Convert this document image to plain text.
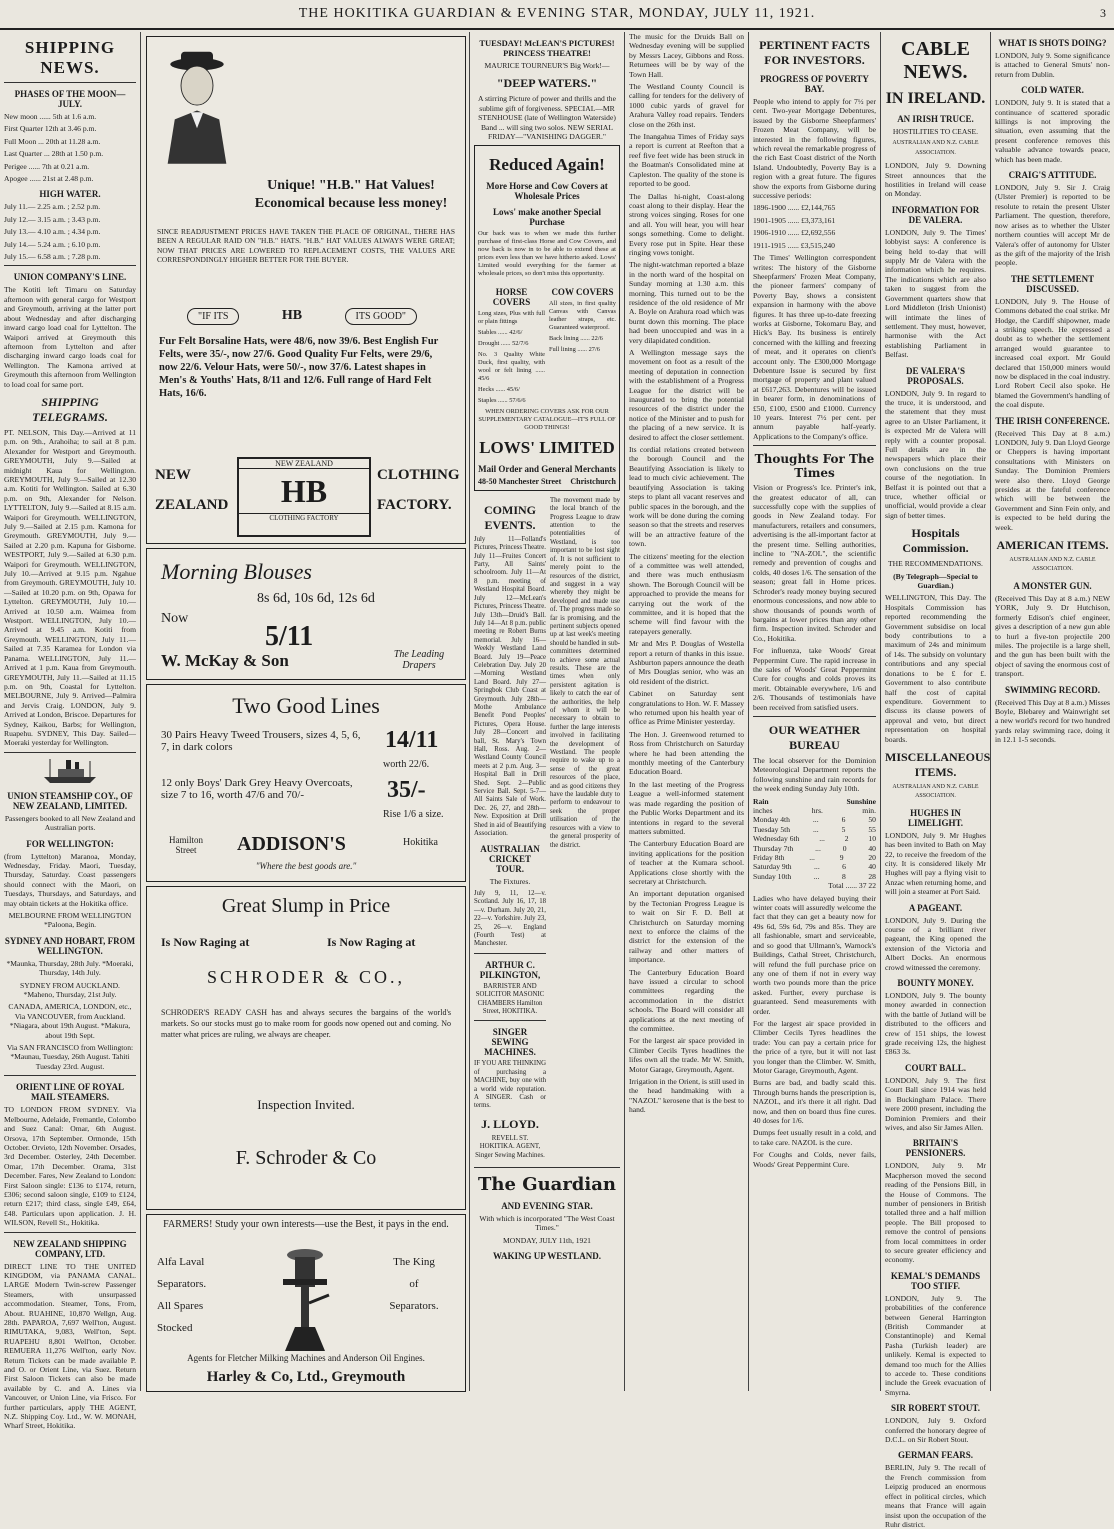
3
THE HOKITIKA GUARDIAN & EVENING STAR, MONDAY, JULY 11, 1921.
SHIPPING NEWS.
PHASES OF THE MOON—JULY.
New moon ...... 5th at 1.6 a.m.
First Quarter 12th at 3.46 p.m.
Full Moon ... 20th at 11.28 a.m.
Last Quarter ... 28th at 1.50 p.m.
Perigee ...... 7th at 0.21 a.m.
Apogee ...... 21st at 2.48 p.m.
HIGH WATER.
July 11.— 2.25 a.m. ; 2.52 p.m.
July 12.— 3.15 a.m. ; 3.43 p.m.
July 13.— 4.10 a.m. ; 4.34 p.m.
July 14.— 5.24 a.m. ; 6.10 p.m.
July 15.— 6.58 a.m. ; 7.28 p.m.
UNION COMPANY'S LINE.

The Kotiti left Timaru on Saturday afternoon with general cargo for Westport and Greymouth, arriving at the latter port about Wednesday and after discharging inward cargo load coal for Lyttelton. The Waipori arrived at Greymouth this afternoon from Lyttelton and after discharging inward cargo loads coal for Wellington. The Kamona arrived at Greymouth this afternoon from Wellington to load coal for same port.

SHIPPING TELEGRAMS.

PT. NELSON, This Day.—Arrived at 11 p.m. on 9th., Arahoiha; to sail at 8 p.m. Alexander for Westport and Greymouth. GREYMOUTH, July 9.—Sailed at midnight Kaua for Wellington. GREYMOUTH, July 9.—Sailed at 12.30 a.m. Kotiti for Wellington. Sailed at 6.30 p.m. on 9th, Alexander for Nelson. LYTTELTON, July 9.—Sailed at 8.15 a.m. Waipori for Greymouth. WELLINGTON, July 9.—Sailed at 2.15 p.m. Kamona for Greymouth. GREYMOUTH, July 9.—Sailed at 2.20 p.m. Kapuna for Gisborne. WESTPORT, July 9.—Sailed at 6.30 p.m. Waipori for Greymouth. WELLINGTON, July 10.—Arrived at 9.15 p.m. Ngahue from Greymouth. GREYMOUTH, July 10.—Sailed at 10.20 p.m. on 9th, Opawa for Lyttelton. GREYMOUTH, July 10.—Arrived at 10.50 a.m. Waimea from Westport. WELLINGTON, July 10.—Arrived at 9.45 a.m. Kotiti from Greymouth. WELLINGTON, July 11.—Sailed at 7.35 Karamea for London via Panama. WELLINGTON, July 11.—Arrived at 1 p.m. Kaua from Greymouth. GREYMOUTH, July 11.—Sailed at 11.15 p.m. on 9th, Coastal for Lyttelton. MELBOURNE, July 9. Arrived—Palmira and Jervis Craig. LONDON, July 9. Arrived at London, Briscoe. Departures for Sydney, Kaikou, Barbs; for Wellington, Ruapehu. SYDNEY, This Day. Sailed—Moeraki yesterday for Wellington.

UNION STEAMSHIP COY., OF NEW ZEALAND, LIMITED.

Passengers booked to all New Zealand and Australian ports.

FOR WELLINGTON:

(from Lyttelton) Maranoa, Monday, Wednesday, Friday. Maori, Tuesday, Thursday, Saturday. Coast passengers should connect with the Maori, on Tuesdays, Thursdays, and Saturdays, and may obtain tickets at the Hokitika office.

MELBOURNE FROM WELLINGTON *Paloona, Begin.

SYDNEY AND HOBART, FROM WELLINGTON.

*Maunka, Thursday, 28th July. *Moeraki, Thursday, 14th July.

SYDNEY FROM AUCKLAND. *Maheno, Thursday, 21st July.

CANADA, AMERICA, LONDON, etc., Via VANCOUVER, from Auckland. *Niagara, about 19th August. *Makura, about 19th Sept.

Via SAN FRANCISCO from Wellington: *Maunau, Tuesday, 26th August. Tahiti Tuesday 23rd. August.

ORIENT LINE OF ROYAL MAIL STEAMERS.

TO LONDON FROM SYDNEY. Via Melbourne, Adelaide, Fremantle, Colombo and Suez Canal: Omar, 6th August. Orsova, 17th September. Ormonde, 15th October. Orvieto, 12th November. Orsades, 3rd December. Osterley, 24th December. Omar, 17th December. Orama, 31st December. Fares, New Zealand to London: First Saloon single: £136 to £174, return, £306; second saloon single, £109 to £124, return £217; third class, single £49, £64, £48. Particulars upon application. J. H. WILSON, Revell St., Hokitika.

NEW ZEALAND SHIPPING COMPANY, LTD.

DIRECT LINE TO THE UNITED KINGDOM, via PANAMA CANAL. LARGE Modern Twin-screw Passenger Steamers, with unsurpassed accommodation. Steamer, Tons, From, About. RUAHINE, 10,870 Wellgn, Aug. 28th. PAPAROA, 7,697 Well'ton, August. RIMUTAKA, 9,083, Well'ton, Sept. RUAPEHU 8,801 Well'ton, October. REMUERA 11,276 Well'ton, early Nov. Return Tickets can be made available P. and O. or Orient Line, via Suez. Return First Saloon Tickets can also be made available by C. and A. Lines via Vancouver, or Union Line, via Frisco. For further particulars, apply THE AGENT, N.Z. Shipping Coy. Ltd., W. W. MONAH, Wharf Street, Hokitika.

Unique! "H.B." Hat Values! Economical because less money!
SINCE READJUSTMENT PRICES HAVE TAKEN THE PLACE OF ORIGINAL, THERE HAS BEEN A REGULAR RAID ON "H.B." HATS. "H.B." HAT VALUES ALWAYS WERE GREAT; NOW THAT PRICES ARE LOWERED TO REPLACEMENT COSTS, THE VALUES ARE CORRESPONDINGLY HIGHER BETTER FOR THE BUYER.
"IF ITS	HB	ITS GOOD"
Fur Felt Borsaline Hats, were 48/6, now 39/6. Best English Fur Felts, were 35/-, now 27/6. Good Quality Fur Felts, were 29/6, now 22/6. Velour Hats, were 50/-, now 37/6. Latest shapes in Men's & Youths' Hats, 8/11 and 12/6. Full range of Hard Felt Hats, 16/6.
NEW
ZEALAND
NEW ZEALAND
HB
CLOTHING FACTORY
CLOTHING
FACTORY.
Morning Blouses
8s 6d, 10s 6d, 12s 6d
Now
5/11
W. McKay & Son	The Leading Drapers
Two Good Lines
30 Pairs Heavy Tweed Trousers, sizes 4, 5, 6, 7, in dark colors	14/11
worth 22/6.
12 only Boys' Dark Grey Heavy Overcoats, size 7 to 16, worth 47/6 and 70/-	35/-
Rise 1/6 a size.
Hamilton Street	ADDISON'S	Hokitika
"Where the best goods are."
Great Slump in Price
Is Now Raging at	Is Now Raging at
SCHRODER & CO.,
SCHRODER'S READY CASH has and always secures the bargains of the world's markets. So our stocks must go to make room for goods now opened out and coming. No matter what prices are ruling, we always are cheaper.
Inspection Invited.
F. Schroder & Co
FARMERS! Study your own interests—use the Best, it pays in the end.
Alfa Laval
Separators.
All Spares
Stocked
The King
of
Separators.
Agents for Fletcher Milking Machines and Anderson Oil Engines.
Harley & Co, Ltd., Greymouth
TUESDAY! McLEAN'S PICTURES! PRINCESS THEATRE!
MAURICE TOURNEUR'S Big Work!—
"DEEP WATERS."

A stirring Picture of power and thrills and the sublime gift of forgiveness. SPECIAL—MR STENHOUSE (late of Wellington Waterside) Band ... will sing two solos. NEW SERIAL FRIDAY—"VANISHING DAGGER."

Reduced Again!
More Horse and Cow Covers at Wholesale Prices
Lows' make another Special Purchase

Our back was to when we made this further purchase of first-class Horse and Cow Covers, and now back is now in to be able to extend these at prices even less than we have hitherto asked. Lows' Limited would everything for the farmer at wholesale prices, so don't miss this opportunity.

HORSE COVERS
Long sizes, Plus with full or plain fittings
Stables ...... 42/6/
Drought ...... 52/7/6
No. 3 Quality White Duck, first quality, with wool or felt lining ...... 45/6
Hecks ...... 45/6/
Staples ...... 57/6/6
COW COVERS
All sizes, in first quality Canvas with Canvas leather straps, etc. Guaranteed waterproof.
Back lining ...... 22/6
Full lining ...... 27/6
WHEN ORDERING COVERS ASK FOR OUR SUPPLEMENTARY CATALOGUE—IT'S FULL OF GOOD THINGS!
LOWS' LIMITED
Mail Order and General Merchants
48-50 Manchester Street Christchurch
COMING EVENTS.

July 11—Folland's Pictures, Princess Theatre. July 11—Fruites Concert Party, All Saints' schoolroom. July 11—At 8 p.m. meeting of Westland Hospital Board. July 12—McLean's Pictures, Princess Theatre. July 13th—Druid's Ball. July 14—At 8 p.m. public meeting re Robert Burns memorial. July 16—Weekly Westland Land Board. July 19—Peace Celebration Day. July 20—Morning Westland Land Board. July 27—Springbok Club Coast at Greymouth. July 28th—Mothe Ambulance Benefit Pond Peoples' Pictures, Opera House. July 28—Concert and ball, St. Mary's Town Hall, Ross. Aug. 2—Westland County Council meets at 2 p.m. Aug. 3—Hospital Ball in Drill Shed. Sept. 2—Public Service Ball. Sept. 5-7—All Saints Sale of Work. Dec. 26, 27, and 28th—New. Exposition at Drill Shed in aid of Beautifying Association.

AUSTRALIAN CRICKET TOUR.
The Fixtures.

July 9, 11, 12—v. Scotland. July 16, 17, 18—v. Durham. July 20, 21, 22—v. Yorkshire. July 23, 25, 26—v. England (Fourth Test) at Manchester.

ARTHUR C. PILKINGTON,

BARRISTER AND SOLICITOR MASONIC CHAMBERS Hamilton Street, HOKITIKA.

SINGER SEWING MACHINES.

IF YOU ARE THINKING of purchasing a MACHINE, buy one with a world wide reputation. A SINGER. Cash or terms.

J. LLOYD.

REVELL ST. HOKITIKA. AGENT, Singer Sewing Machines.

The movement made by the local branch of the Progress League to draw attention to the potentialities of Westland, is too important to be lost sight of. It is not sufficient to merely point to the resources of the district, and suggest in a way whereby they might be developed and made use of. The progress made so far is promising, and the pertinent subjects opened up at last week's meeting should be handled in sub-committees determined to achieve some actual results. These are the times when only persistent agitation is likely to catch the ear of the authorities, the help of whom it will be necessary to obtain to further the large interests involved in facilitating the development of Westland. The people require to wake up to a sense of the great resources of the place, and as good citizens they have the laudable duty to perform to endeavour to seek the proper utilisation of the resources with a view to the general prosperity of the district.

The Guardian
AND EVENING STAR.
With which is incorporated "The West Coast Times."
MONDAY, JULY 11th, 1921
WAKING UP WESTLAND.

The music for the Druids Ball on Wednesday evening will be supplied by Messrs Lacey, Gibbons and Ross. Returnees will be by way of the Town Hall.

The Westland County Council is calling for tenders for the delivery of 1000 cubic yards of gravel for Arahura Valley road repairs. Tenders close on the 26th inst.

The Inangahua Times of Friday says a report is current at Reefton that a reef five feet wide has been struck in the Boatman's Consolidated mine at Capleston. The quality of the stone is reported to be good.

The Dallas hi-night, Coast-along coast along to their display. Hear the strong voices singing. Roses for one and all. You will hear, you will hear songs something. Come to delight. Every rose put in Spite. Hear these ringing vows tonight.

The night-watchman reported a blaze in the north ward of the hospital on Sunday morning at 1.30 a.m. this morning. This turned out to be the residence of the old residence of Mr A. Boyle on Arahura road which was burnt down this morning. The place had been unoccupied and was in a very dilapidated condition.

A Wellington message says the movement on foot as a result of the meeting of deputation in connection with the establishment of a Progress League for the district will be inaugurated to bring the potential resources of the district under the notice of the Minister and to push for the placing of a new service. It is desired to affect the closer settlement.

Its cordial relations created between the borough Council and the Beautifying Association is likely to lead to much civic achievement. The beautifying Association is taking steps to plant all vacant reserves and public spaces in the borough, and the work will be done during the coming season so that the streets and reserves will be an attractive feature of the town.

The citizens' meeting for the election of a committee was well attended, and there was much enthusiasm shown. The Borough Council will be approached to provide the means for carrying out the work of the committee, and it is hoped that the scheme will find favour with the ratepayers generally.

Mr and Mrs P. Douglas of Westella report a return of thanks in this issue. Ashburton papers announce the death of Mrs Douglas senior, who was an old resident of the district.

Cabinet on Saturday sent congratulations to Hon. W. F. Massey who returned upon his health year of office as Prime Minister yesterday.

The Hon. J. Greenwood returned to Ross from Christchurch on Saturday where he had been attending the monthly meeting of the Canterbury Education Board.

In the last meeting of the Progress League a well-informed statement was made regarding the position of the Public Works Department and its intentions in regard to the several matters submitted.

The Canterbury Education Board are inviting applications for the position of teacher at the Kumara school. Applications close shortly with the secretary at Christchurch.

An important deputation organised by the Tectonian Progress League is to wait on Sir F. D. Bell at Christchurch on Saturday morning next to enforce the claims of the district for the extension of the railway and other matters of importance.

The Canterbury Education Board have issued a circular to school committees regarding the accommodation in the district schools. The Board will consider all applications at the next meeting of the committee.

For the largest air space provided in Climber Cecils Tyres headlines the lifes own all the trade. Mr W. Smith, Motor Garage, Greymouth, Agent.

Irrigation in the Orient, is still used in the head handmaking with a "NAZOL" kerosene that is the best to hand.

PERTINENT FACTS FOR INVESTORS.
PROGRESS OF POVERTY BAY.

People who intend to apply for 7½ per cent. Two-year Mortgage Debentures, issued by the Gisborne Sheepfarmers' Frozen Meat Company, will be interested in the following figures, which reveal the remarkable progress of the rich East Coast district of the North Island. Undoubtedly, Poverty Bay is a region with a great future. The figures show the exports from Gisborne during successive periods:

1896-1900 ...... £2,144,765
1901-1905 ...... £3,373,161
1906-1910 ...... £2,692,556
1911-1915 ...... £3,515,240

The Times' Wellington correspondent writes: The history of the Gisborne Sheepfarmers' Frozen Meat Company, the pioneer farmers' company of Poverty Bay, shows a consistent expansion in harmony with the above figures. It has three up-to-date freezing works at Gisborne, Tokomaru Bay, and Hick's Bay. Its business is entirely concerned with the killing and freezing of meat, and it operates on client's account only. The £300,000 Mortgage Debenture Issue is secured by first mortgage of property and plant valued at £617,263. Debentures will be issued in bearer form, in denominations of £50, £100, £500 and £1000. Currency 10 years. Interest 7½ per cent. per annum payable half-yearly. Applications to the Company's office.

Thoughts For The Times

Vision or Progress's Ice. Printer's ink, the greatest educator of all, can successfully cope with the supplies of goods in New Zealand today. For manufacturers, retailers and consumers, advertising is the all-important factor at the present time. Selling authorities, incline to "NA-ZOL", the scientific remedy and prevention of coughs and colds, 40 doses 1/6. The sensation of the season; great fall in Home prices. Schroder's ready money buying secured enormous concessions, and now able to show thousands of pounds worth of bargains at lower prices than any other firm. Inspection invited. Schroder and Co., Hokitika.

For influenza, take Woods' Great Peppermint Cure. The rapid increase in the sales of Woods' Great Peppermint Cure for coughs and colds proves its merit. Obtainable everywhere, 1/6 and 2/6. Thousands of testimonials have been received from satisfied users.

OUR WEATHER BUREAU

The local observer for the Dominion Meteorological Department reports the following sunshine and rain records for the week ending Sunday July 10th.

Rain	Sunshine
inches	hrs.	min.
Monday 4th	...	6	50
Tuesday 5th	...	5	55
Wednesday 6th	...	2	10
Thursday 7th	...	0	40
Friday 8th	...	9	20
Saturday 9th	...	6	40
Sunday 10th	...	8	28
Total ...... 37 22

Ladies who have delayed buying their winter coats will assuredly welcome the fact that they can get a beauty now for 49s 6d, 59s 6d, 79s and 85s. They are all fashionable, smart and serviceable, and so good that Ullmann's, Warnock's Buildings, Cathal Street, Christchurch, will refund the full purchase price on any one of them if not in every way worth two pounds more than the price asked. Further, every purchase is guaranteed. Send measurements with order.

For the largest air space provided in Climber Cecils Tyres headlines the trade: You can pay a certain price for the price of a tyre, but it will not last you longer than the Climber. W. Smith, Motor Garage, Greymouth, Agent.

Burns are bad, and badly scald this. Through burns hands the prescription is, NAZOL, and it's there it all right. Dad now, and then on board thus fine cures. 40 doses for 1/6.

Dumps feet usually result in a cold, and to take care. NAZOL is the cure.

For Coughs and Colds, never fails, Woods' Great Peppermint Cure.

CABLE NEWS.
IN IRELAND.
AN IRISH TRUCE.
HOSTILITIES TO CEASE.
AUSTRALIAN AND N.Z. CABLE ASSOCIATION.

LONDON, July 9. Downing Street announces that the hostilities in Ireland will cease on Monday.

INFORMATION FOR DE VALERA.

LONDON, July 9. The Times' lobbyist says: A conference is being held to-day that will supply Mr de Valera with the information which he requires. The indications which are also taken to suggest from the Government quarters show that Lord Middleton (Irish Unionist) will intimate the lines of settlement. They must, however, harmonise with the Act establishing Parliament in Belfast.

DE VALERA'S PROPOSALS.

LONDON, July 9. In regard to the truce, it is understood, and the statement that they must agree to an Ulster Parliament, it is expected Mr de Valera will reply with a counter proposal. Full details are in the newspapers which place their own conclusions on the true course of the negotiation. In Belfast it is pointed out that a truce, whether official or unofficial, would provide a clear sign of better times.

Hospitals Commission.
THE RECOMMENDATIONS.
(By Telegraph—Special to Guardian.)

WELLINGTON, This Day. The Hospitals Commission has reported recommending the Government subsidise on local body contributions to a maximum of 24s and minimum of 14s. The subsidy on voluntary contributions and any special donations to be £ for £. Government to also contribute half the cost of capital expenditure. Government to discuss its clause powers of approval and veto, but direct representation on hospital boards.

MISCELLANEOUS ITEMS.
AUSTRALIAN AND N.Z. CABLE ASSOCIATION.
HUGHES IN LIMELIGHT.

LONDON, July 9. Mr Hughes has been invited to Bath on May 22, to receive the freedom of the city. It is considered likely Mr Hughes will pay a flying visit to Anzac when returning home, and will join a steamer at Port Said.

A PAGEANT.

LONDON, July 9. During the course of a brilliant river pageant, the King opened the extension of the Victoria and Albert Docks. An enormous crowd witnessed the ceremony.

BOUNTY MONEY.

LONDON, July 9. The bounty money awarded in connection with the battle of Jutland will be distributed to the officers and crew of 151 ships, the lowest grade receiving 12s, the highest £863 3s.

COURT BALL.

LONDON, July 9. The first Court Ball since 1914 was held in Buckingham Palace. There were 2000 present, including the Dominion Premiers and their wives, and also Sir James Allen.

BRITAIN'S PENSIONERS.

LONDON, July 9. Mr Macpherson moved the second reading of the Pensions Bill, in the House of Commons. The number of pensioners in British totalled three and a half million people. The Bill proposed to remove the control of pensions from local committees in order to secure greater efficiency and economy.

KEMAL'S DEMANDS TOO STIFF.

LONDON, July 9. The probabilities of the conference between General Harrington (British Commander at Constantinople) and Kemal Pasha (Turkish leader) are unlikely. Kemal is expected to demand too much for the Allies to accede to. These conditions include the Greek evacuation of Smyrna.

SIR ROBERT STOUT.

LONDON, July 9. Oxford conferred the honorary degree of D.C.L. on Sir Robert Stout.

GERMAN FEARS.

BERLIN, July 9. The recall of the French commission from Leipzig produced an enormous effect in political circles, which means that France will again insist upon the occupation of the Ruhr district.

WHAT IS SHOTS DOING?

LONDON, July 9. Some significance is attached to General Smuts' non-return from Dublin.

COLD WATER.

LONDON, July 9. It is stated that a continuance of scattered sporadic killings is not improving the situation, even assuming that the present conference removes this valuable advance towards peace, which has been made.

CRAIG'S ATTITUDE.

LONDON, July 9. Sir J. Craig (Ulster Premier) is reported to be resolute to retain the present Ulster Parliament. The question, therefore, now arises as to whether the Ulster northern counties will accept Mr de Valera's offer of autonomy for Ulster as the gift of the majority of the Irish people.

THE SETTLEMENT DISCUSSED.

LONDON, July 9. The House of Commons debated the coal strike. Mr Hodge, the Cardiff shipowner, made a striking speech. He expressed a doubt as to whether the settlement arranged would guarantee to increased coal export. Mr Gould declared that 150,000 miners would now be displaced in the coal industry. Lord Robert Cecil also spoke. He blamed the Government's handling of the coal dispute.

THE IRISH CONFERENCE.

(Received This Day at 8 a.m.) LONDON, July 9. Dan Lloyd George or Cheppers is having important consultations with Ministers on Sunday. The Dominion Premiers were also there. Lloyd George presides at the fateful conference which will be between the Government and Sinn Fein only, and is expected to be held during the week.

AMERICAN ITEMS.
AUSTRALIAN AND N.Z. CABLE ASSOCIATION.
A MONSTER GUN.

(Received This Day at 8 a.m.) NEW YORK, July 9. Dr Hutchison, formerly Edison's chief engineer, gives a description of a new gun able to hurl a five-ton projectile 200 miles. The projectile is a large shell, and the gun has been built with the object of saving the enormous cost of transport.

SWIMMING RECORD.

(Received This Day at 8 a.m.) Misses Boyle, Blebarey and Wainwright set a new world's record for two hundred yards relay swimming race, doing it in 12.1 1-5 seconds.
